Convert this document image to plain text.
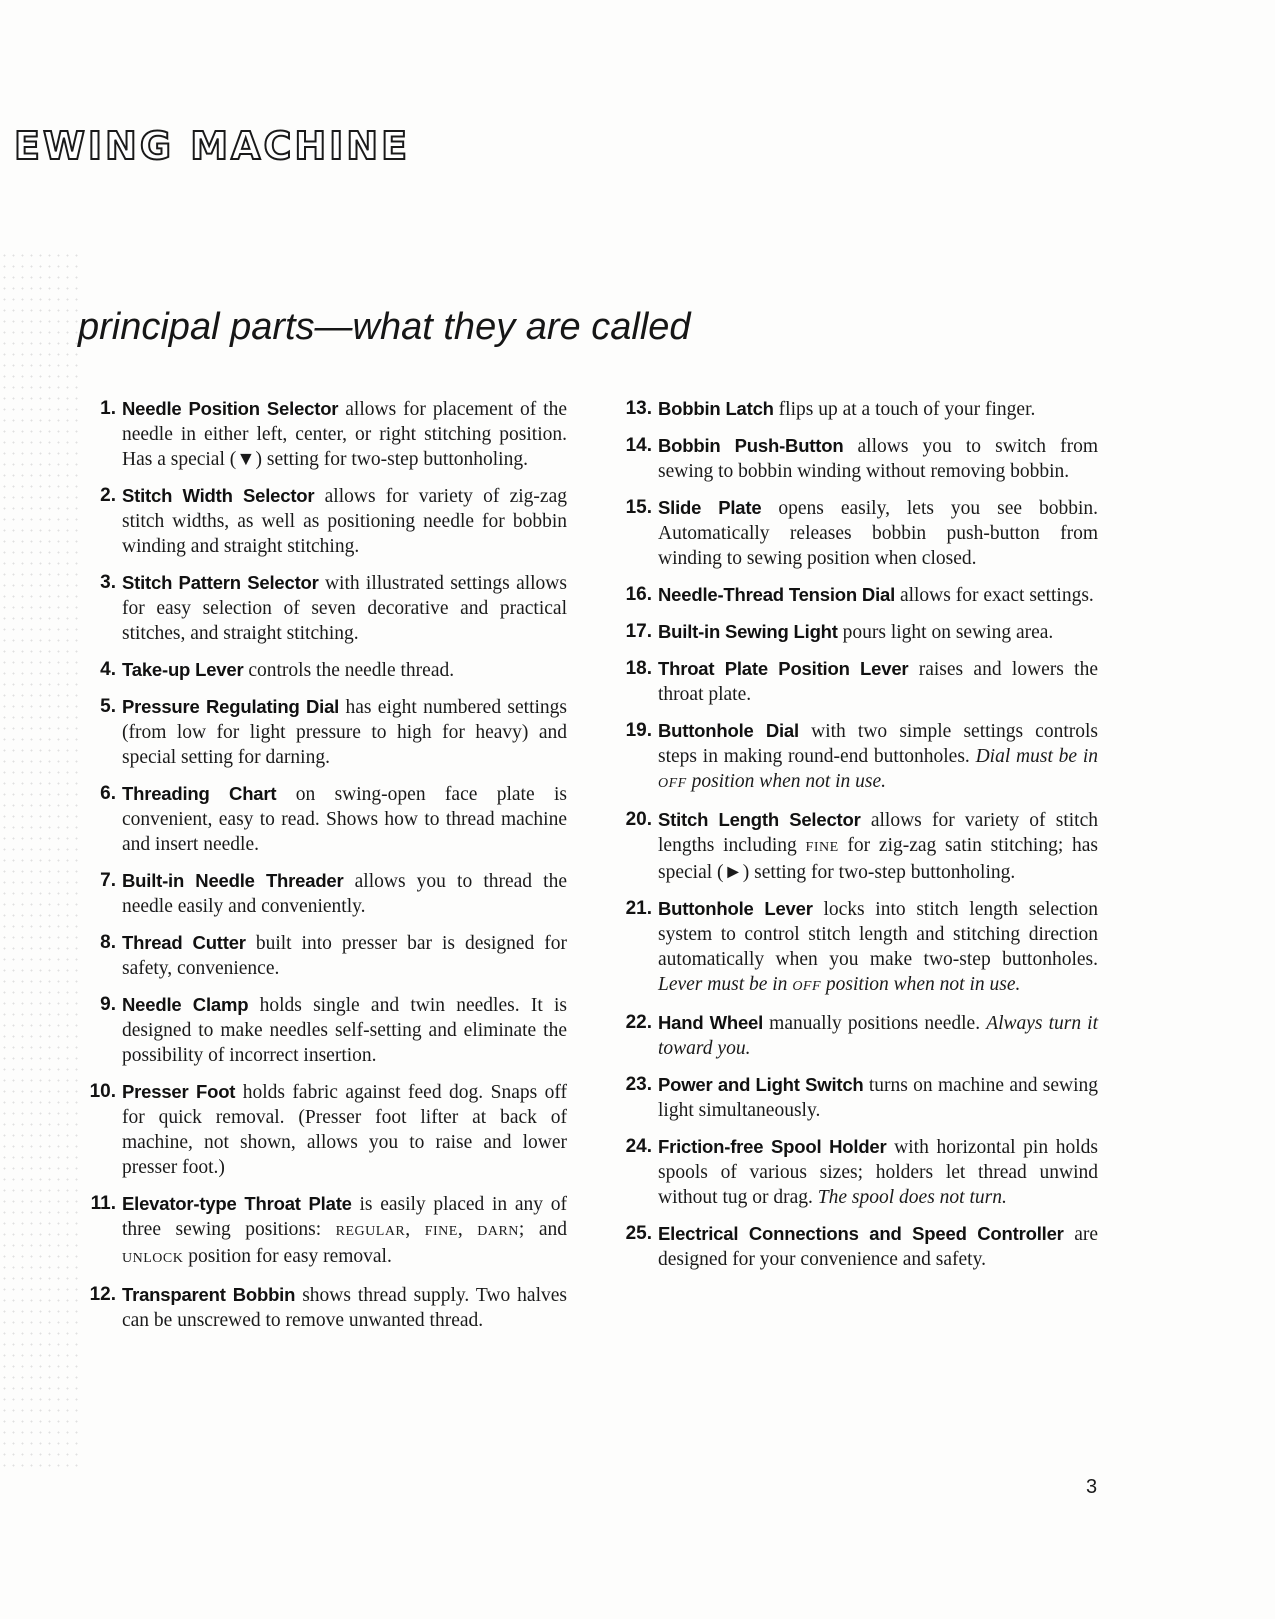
EWING MACHINE
principal parts—what they are called
1. Needle Position Selector allows for placement of the needle in either left, center, or right stitching position. Has a special (▼) setting for two-step buttonholing.
2. Stitch Width Selector allows for variety of zig-zag stitch widths, as well as positioning needle for bobbin winding and straight stitching.
3. Stitch Pattern Selector with illustrated settings allows for easy selection of seven decorative and practical stitches, and straight stitching.
4. Take-up Lever controls the needle thread.
5. Pressure Regulating Dial has eight numbered settings (from low for light pressure to high for heavy) and special setting for darning.
6. Threading Chart on swing-open face plate is convenient, easy to read. Shows how to thread machine and insert needle.
7. Built-in Needle Threader allows you to thread the needle easily and conveniently.
8. Thread Cutter built into presser bar is designed for safety, convenience.
9. Needle Clamp holds single and twin needles. It is designed to make needles self-setting and eliminate the possibility of incorrect insertion.
10. Presser Foot holds fabric against feed dog. Snaps off for quick removal. (Presser foot lifter at back of machine, not shown, allows you to raise and lower presser foot.)
11. Elevator-type Throat Plate is easily placed in any of three sewing positions: REGULAR, FINE, DARN; and UNLOCK position for easy removal.
12. Transparent Bobbin shows thread supply. Two halves can be unscrewed to remove unwanted thread.
13. Bobbin Latch flips up at a touch of your finger.
14. Bobbin Push-Button allows you to switch from sewing to bobbin winding without removing bobbin.
15. Slide Plate opens easily, lets you see bobbin. Automatically releases bobbin push-button from winding to sewing position when closed.
16. Needle-Thread Tension Dial allows for exact settings.
17. Built-in Sewing Light pours light on sewing area.
18. Throat Plate Position Lever raises and lowers the throat plate.
19. Buttonhole Dial with two simple settings controls steps in making round-end buttonholes. Dial must be in OFF position when not in use.
20. Stitch Length Selector allows for variety of stitch lengths including FINE for zig-zag satin stitching; has special (►) setting for two-step buttonholing.
21. Buttonhole Lever locks into stitch length selection system to control stitch length and stitching direction automatically when you make two-step buttonholes. Lever must be in OFF position when not in use.
22. Hand Wheel manually positions needle. Always turn it toward you.
23. Power and Light Switch turns on machine and sewing light simultaneously.
24. Friction-free Spool Holder with horizontal pin holds spools of various sizes; holders let thread unwind without tug or drag. The spool does not turn.
25. Electrical Connections and Speed Controller are designed for your convenience and safety.
3
